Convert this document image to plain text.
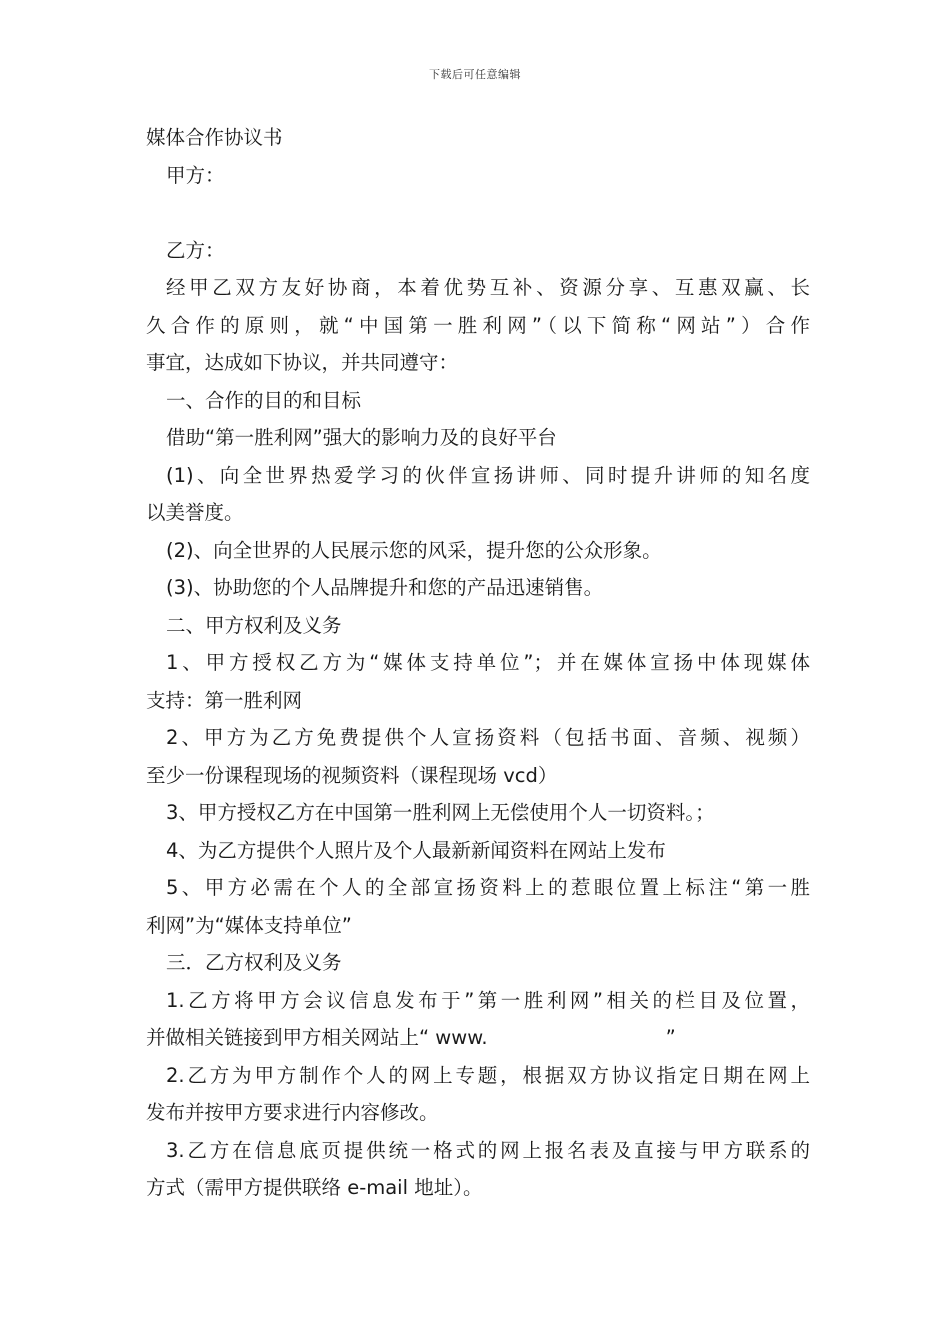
下载后可任意编辑
媒体合作协议书
甲方：
乙方：
经甲乙双方友好协商，本着优势互补、资源分享、互惠双赢、长
久合作的原则，就“中国第一胜利网”（以下简称“网站”）合作
事宜，达成如下协议，并共同遵守：
一、合作的目的和目标
借助“第一胜利网”强大的影响力及的良好平台
(1)、向全世界热爱学习的伙伴宣扬讲师、同时提升讲师的知名度
以美誉度。
(2)、向全世界的人民展示您的风采，提升您的公众形象。
(3)、协助您的个人品牌提升和您的产品迅速销售。
二、甲方权利及义务
1、甲方授权乙方为“媒体支持单位”；并在媒体宣扬中体现媒体
支持：第一胜利网
2、甲方为乙方免费提供个人宣扬资料（包括书面、音频、视频）
至少一份课程现场的视频资料（课程现场 vcd）
3、甲方授权乙方在中国第一胜利网上无偿使用个人一切资料。；
4、为乙方提供个人照片及个人最新新闻资料在网站上发布
5、甲方必需在个人的全部宣扬资料上的惹眼位置上标注“第一胜
利网”为“媒体支持单位”
三．乙方权利及义务
1.乙方将甲方会议信息发布于”第一胜利网”相关的栏目及位置，
并做相关链接到甲方相关网站上“ www.	”
2.乙方为甲方制作个人的网上专题，根据双方协议指定日期在网上
发布并按甲方要求进行内容修改。
3.乙方在信息底页提供统一格式的网上报名表及直接与甲方联系的
方式（需甲方提供联络 e-mail 地址）。
